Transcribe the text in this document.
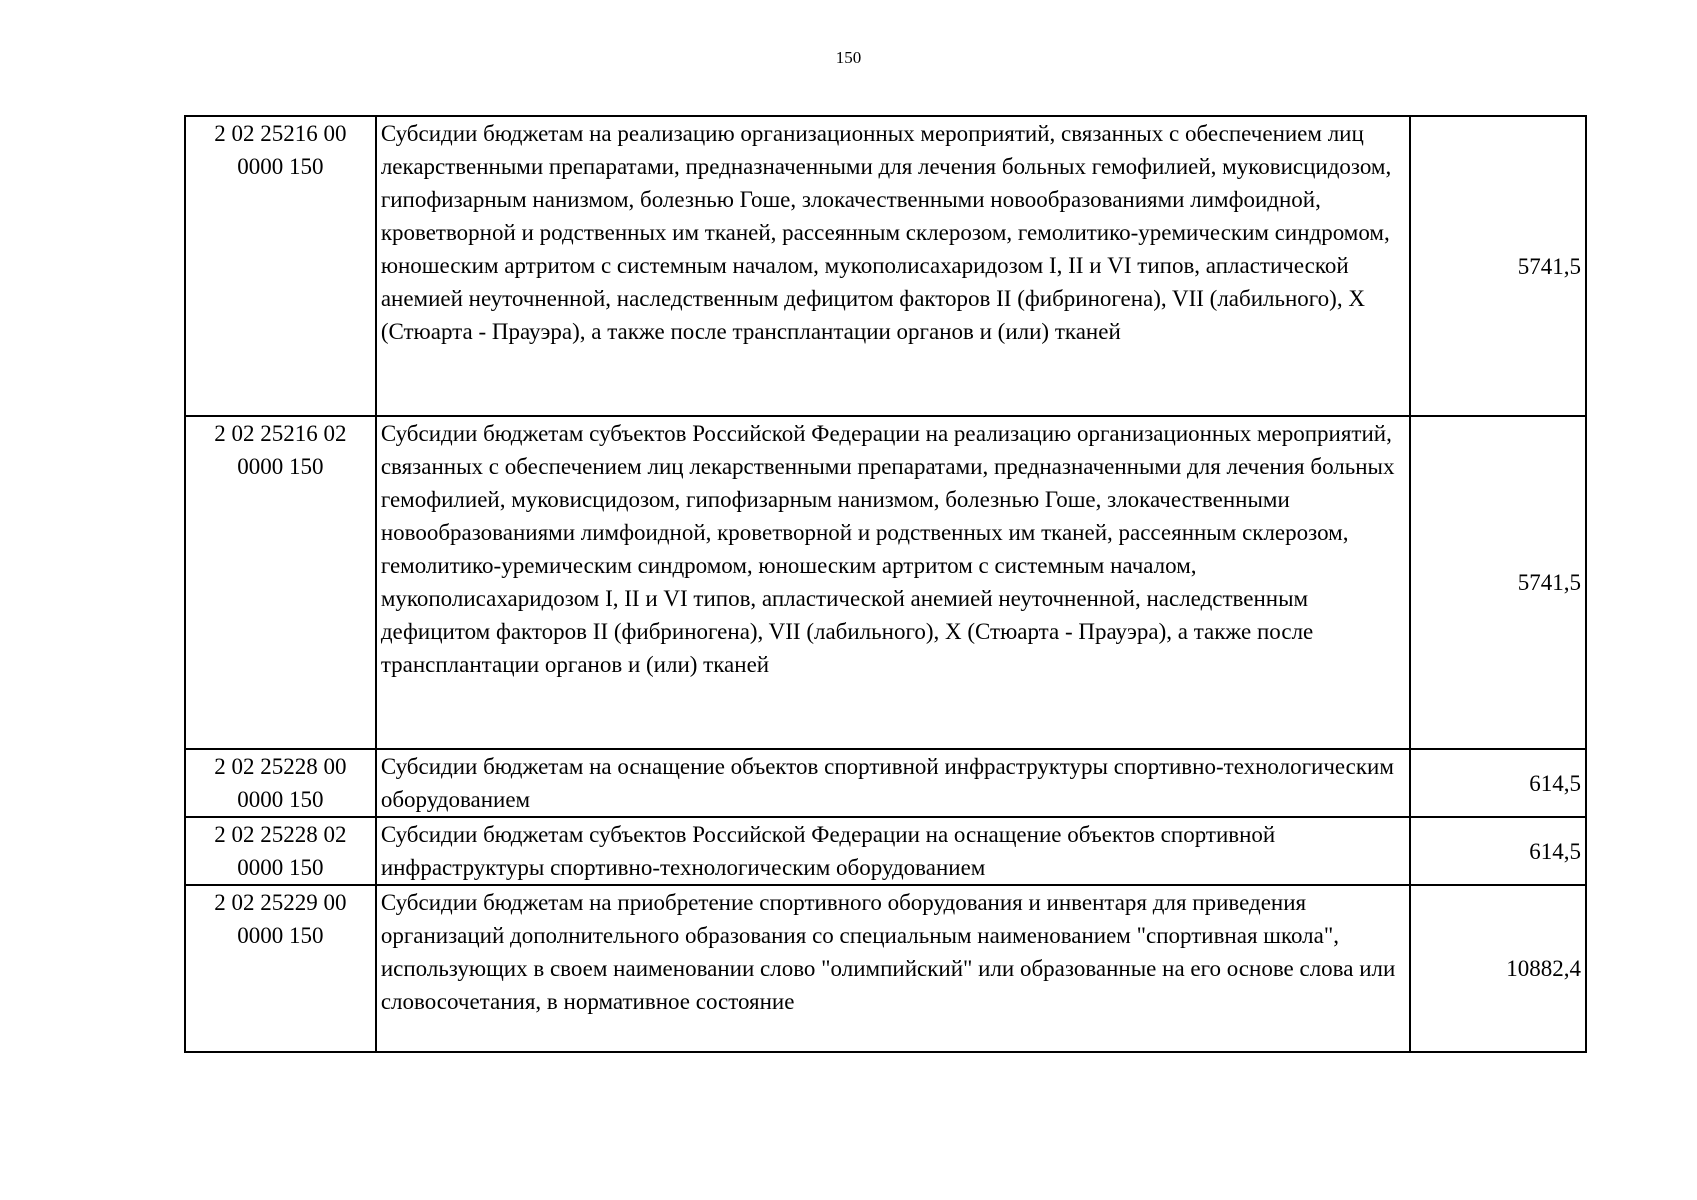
150
2 02 25216 00
0000 150	Субсидии бюджетам на реализацию организационных мероприятий, связанных с обеспечением лиц лекарственными препаратами, предназначенными для лечения больных гемофилией, муковисцидозом, гипофизарным нанизмом, болезнью Гоше, злокачественными новообразованиями лимфоидной, кроветворной и родственных им тканей, рассеянным склерозом, гемолитико-уремическим синдромом, юношеским артритом с системным началом, мукополисахаридозом I, II и VI типов, апластической анемией неуточненной, наследственным дефицитом факторов II (фибриногена), VII (лабильного), X (Стюарта - Прауэра), а также после трансплантации органов и (или) тканей	5741,5

2 02 25216 02
0000 150	Субсидии бюджетам субъектов Российской Федерации на реализацию организационных мероприятий, связанных с обеспечением лиц лекарственными препаратами, предназначенными для лечения больных гемофилией, муковисцидозом, гипофизарным нанизмом, болезнью Гоше, злокачественными новообразованиями лимфоидной, кроветворной и родственных им тканей, рассеянным склерозом, гемолитико-уремическим синдромом, юношеским артритом с системным началом, мукополисахаридозом I, II и VI типов, апластической анемией неуточненной, наследственным дефицитом факторов II (фибриногена), VII (лабильного), X (Стюарта - Прауэра), а также после трансплантации органов и (или) тканей	5741,5

2 02 25228 00
0000 150	Субсидии бюджетам на оснащение объектов спортивной инфраструктуры спортивно-технологическим оборудованием	614,5

2 02 25228 02
0000 150	Субсидии бюджетам субъектов Российской Федерации на оснащение объектов спортивной инфраструктуры спортивно-технологическим оборудованием	614,5

2 02 25229 00
0000 150	Субсидии бюджетам на приобретение спортивного оборудования и инвентаря для приведения организаций дополнительного образования со специальным наименованием "спортивная школа", использующих в своем наименовании слово "олимпийский" или образованные на его основе слова или словосочетания, в нормативное состояние	10882,4
